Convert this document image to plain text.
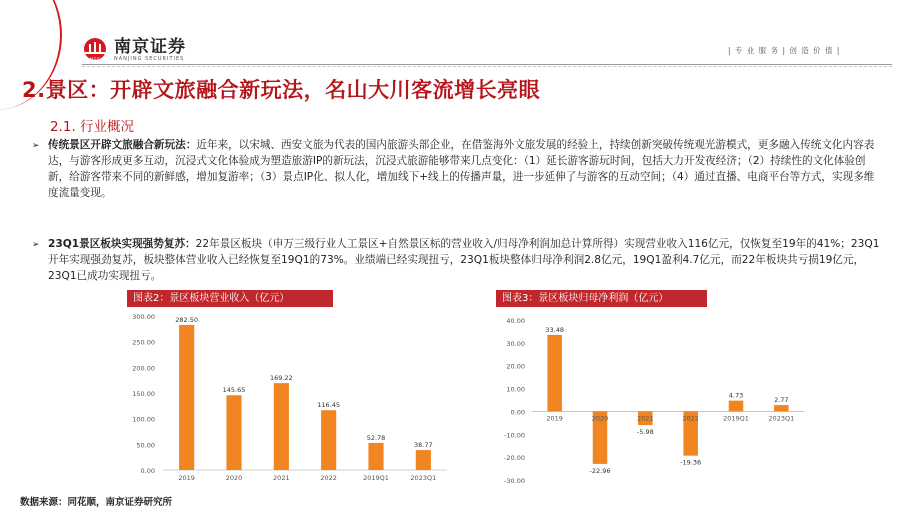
NSC
南京证券
NANJING SECURITIES
| 专 业 服 务 | 创 造 价 值 |
2.景区：开辟文旅融合新玩法，名山大川客流增长亮眼
2.1. 行业概况
➢ 传统景区开辟文旅融合新玩法：近年来，以宋城、西安文旅为代表的国内旅游头部企业，在借鉴海外文旅发展的经验上，持续创新突破传统观光游模式，更多融入传统文化内容表达，与游客形成更多互动，沉浸式文化体验成为塑造旅游IP的新玩法，沉浸式旅游能够带来几点变化：（1）延长游客游玩时间，包括大力开发夜经济；（2）持续性的文化体验创新，给游客带来不同的新鲜感，增加复游率；（3）景点IP化、拟人化，增加线下+线上的传播声量，进一步延伸了与游客的互动空间；（4）通过直播、电商平台等方式，实现多维度流量变现。
➢ 23Q1景区板块实现强势复苏：22年景区板块（申万三级行业人工景区+自然景区标的营业收入/归母净利润加总计算所得）实现营业收入116亿元，仅恢复至19年的41%；23Q1开年实现强劲复苏，板块整体营业收入已经恢复至19Q1的73%。业绩端已经实现扭亏，23Q1板块整体归母净利润2.8亿元，19Q1盈利4.7亿元，而22年板块共亏损19亿元，23Q1已成功实现扭亏。
图表2：景区板块营业收入（亿元）
0.00
50.00
100.00
150.00
200.00
250.00
300.00	282.50
2019
145.65
2020
169.22
2021
116.45
2022
52.78
2019Q1
38.77
2023Q1
图表3：景区板块归母净利润（亿元）
-30.00
-20.00
-10.00
0.00
10.00
20.00
30.00
40.00
33.48
2019
-22.96
2020
-5.98
2021
-19.36
2022
4.73
2019Q1
2.77
2023Q1
数据来源：同花顺，南京证券研究所
